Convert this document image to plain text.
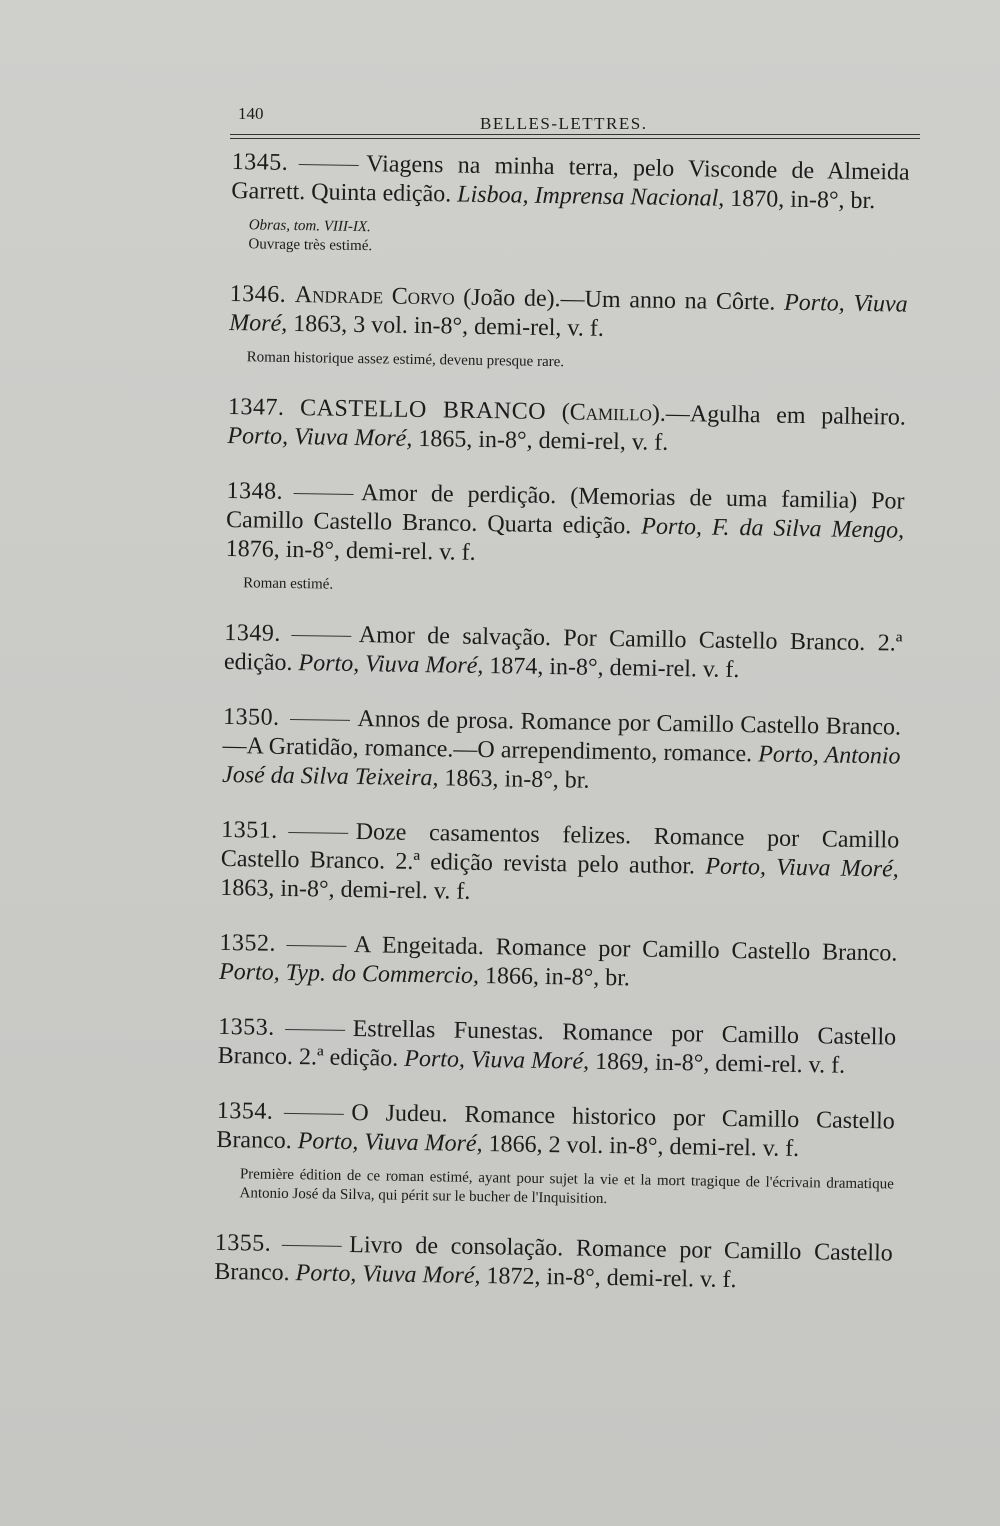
140
BELLES-LETTRES.
1345.	Viagens na minha terra, pelo Visconde de Almeida Garrett. Quinta edição. Lisboa, Imprensa Nacional, 1870, in-8°, br.
Obras, tom. VIII-IX.
Ouvrage très estimé.
1346. Andrade Corvo (João de).—Um anno na Côrte. Porto, Viuva Moré, 1863, 3 vol. in-8°, demi-rel, v. f.
Roman historique assez estimé, devenu presque rare.
1347. CASTELLO BRANCO (Camillo).—Agulha em palheiro. Porto, Viuva Moré, 1865, in-8°, demi-rel, v. f.
1348.	Amor de perdição. (Memorias de uma familia) Por Camillo Castello Branco. Quarta edição. Porto, F. da Silva Mengo, 1876, in-8°, demi-rel. v. f.
Roman estimé.
1349.	Amor de salvação. Por Camillo Castello Branco. 2.ª edição. Porto, Viuva Moré, 1874, in-8°, demi-rel. v. f.
1350.	Annos de prosa. Romance por Camillo Castello Branco. —A Gratidão, romance.—O arrependimento, romance. Porto, Antonio José da Silva Teixeira, 1863, in-8°, br.
1351.	Doze casamentos felizes. Romance por Camillo Castello Branco. 2.ª edição revista pelo author. Porto, Viuva Moré, 1863, in-8°, demi-rel. v. f.
1352.	A Engeitada. Romance por Camillo Castello Branco. Porto, Typ. do Commercio, 1866, in-8°, br.
1353.	Estrellas Funestas. Romance por Camillo Castello Branco. 2.ª edição. Porto, Viuva Moré, 1869, in-8°, demi-rel. v. f.
1354.	O Judeu. Romance historico por Camillo Castello Branco. Porto, Viuva Moré, 1866, 2 vol. in-8°, demi-rel. v. f.
Première édition de ce roman estimé, ayant pour sujet la vie et la mort tragique de l'écrivain dramatique Antonio José da Silva, qui périt sur le bucher de l'Inquisition.
1355.	Livro de consolação. Romance por Camillo Castello Branco. Porto, Viuva Moré, 1872, in-8°, demi-rel. v. f.
